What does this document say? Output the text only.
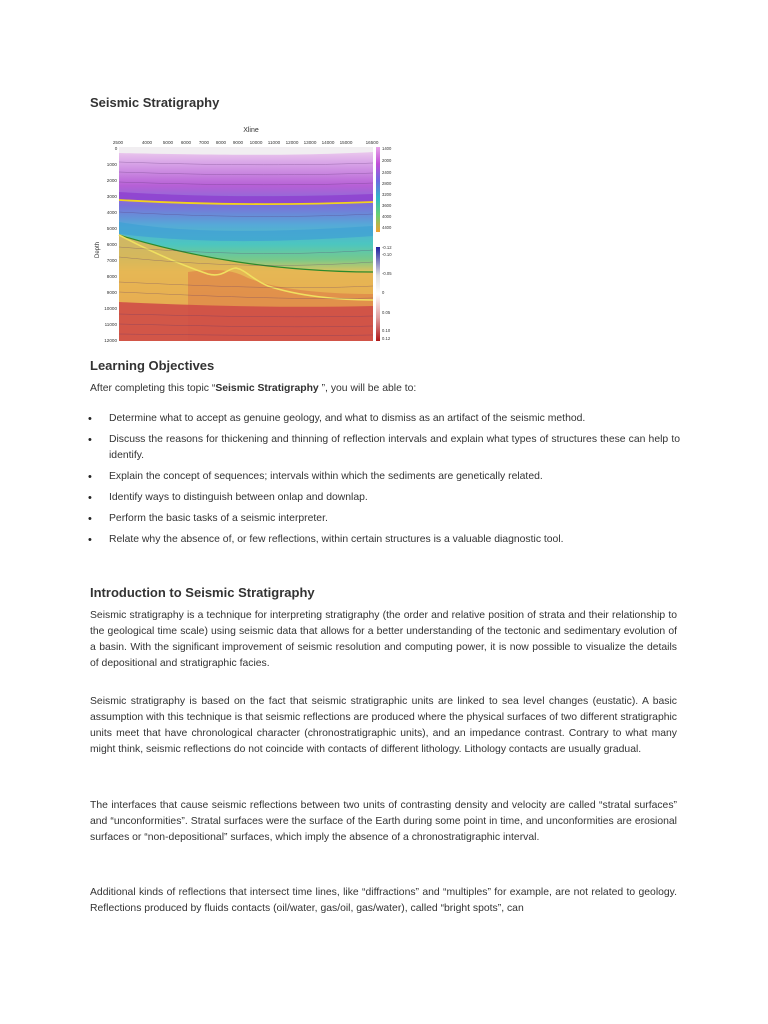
Seismic Stratigraphy
Xline
2500	4000 5000 6000 7000 8000 9000 10000 11000 12000 13000 14000 15000	16500
0
1000
2000
3000
4000
5000
6000
7000
8000
9000
10000
11000
12000
Depth
1400
2000
2400
2800
3200
3600
4000
4400
-0.12
-0.10
-0.05
0
0.05
0.10
0.12
Learning Objectives
After completing this topic “Seismic Stratigraphy ”, you will be able to:
• Determine what to accept as genuine geology, and what to dismiss as an artifact of the seismic method.
• Discuss the reasons for thickening and thinning of reflection intervals and explain what types of structures these can help to identify.
• Explain the concept of sequences; intervals within which the sediments are genetically related.
• Identify ways to distinguish between onlap and downlap.
• Perform the basic tasks of a seismic interpreter.
• Relate why the absence of, or few reflections, within certain structures is a valuable diagnostic tool.
Introduction to Seismic Stratigraphy

Seismic stratigraphy is a technique for interpreting stratigraphy (the order and relative position of strata and their relationship to the geological time scale) using seismic data that allows for a better understanding of the tectonic and sedimentary evolution of a basin. With the significant improvement of seismic resolution and computing power, it is now possible to visualize the details of depositional and stratigraphic facies.

Seismic stratigraphy is based on the fact that seismic stratigraphic units are linked to sea level changes (eustatic). A basic assumption with this technique is that seismic reflections are produced where the physical surfaces of two different stratigraphic units meet that have chronological character (chronostratigraphic units), and an impedance contrast. Contrary to what many might think, seismic reflections do not coincide with contacts of different lithology. Lithology contacts are usually gradual.

The interfaces that cause seismic reflections between two units of contrasting density and velocity are called “stratal surfaces” and “unconformities”. Stratal surfaces were the surface of the Earth during some point in time, and unconformities are erosional surfaces or “non-depositional” surfaces, which imply the absence of a chronostratigraphic interval.

Additional kinds of reflections that intersect time lines, like “diffractions” and “multiples” for example, are not related to geology. Reflections produced by fluids contacts (oil/water, gas/oil, gas/water), called “bright spots”, can
